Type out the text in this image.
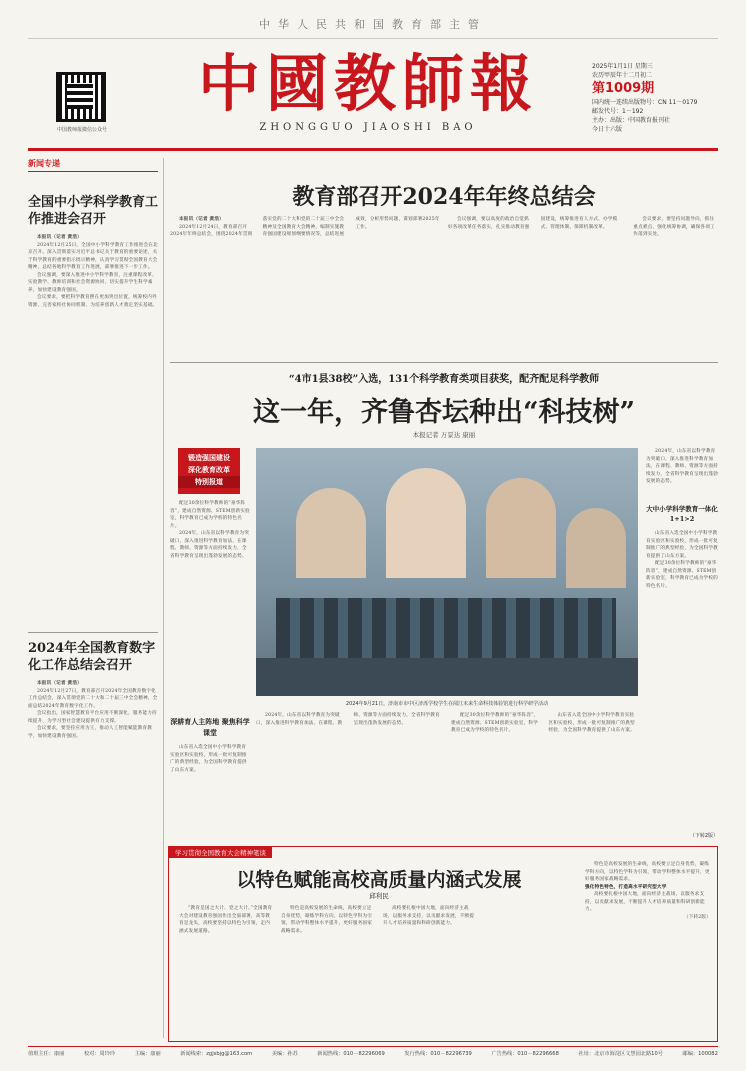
中华人民共和国教育部主管
中国教师报微信公众号
中國教師報
ZHONGGUO JIAOSHI BAO
2025年1月1日 星期三
农历甲辰年十二月初二
第1009期
国内统一连续出版物号：CN 11－0179
邮发代号：1－192
主办：出版：中国教育报刊社
今日十六版
新闻专递
全国中小学科学教育工作推进会召开

本报讯（记者 黄浩）

2024年12月25日，全国中小学科学教育工作推进会在北京召开。深入贯彻落实习近平总书记关于教育的重要论述，关于科学教育的重要指示批示精神，认真学习贯彻全国教育大会精神，总结各地科学教育工作进展，部署推进下一步工作。

会议强调，要深入推进中小学科学教育，注重课程改革、实验教学、教师培训和社会资源协同，切实提升学生科学素养，加快建设教育强国。

会议要求，要把科学教育摆在更加突出位置，统筹校内外资源，完善家校社协同机制，为培养创新人才奠定坚实基础。

2024年全国教育数字化工作总结会召开

本报讯（记者 黄浩）

2024年12月27日，教育部召开2024年全国教育数字化工作总结会，深入贯彻党的二十大和二十届三中全会精神，全面总结2024年教育数字化工作。

会议指出，国家智慧教育平台应用不断深化，服务能力持续提升，为学习型社会建设提供有力支撑。

会议要求，要坚持应用为王，推动人工智能赋能教育教学，加快建设教育强国。

教育部召开2024年年终总结会

本报讯（记者 黄浩）

2024年12月24日，教育部召开2024年年终总结会，围绕2024年贯彻落实党的二十大和党的二十届三中全会精神及全国教育大会精神，编制实施教育强国建设规划纲要情况等，总结进展成效，分析形势问题，谋划部署2025年工作。

会议强调，要以高度的政治自觉抓好各项改革任务落实，扎实推动教育强国建设，统筹推进育人方式、办学模式、管理体制、保障机制改革。

会议要求，要坚持问题导向，抓住重点难点，强化统筹协调，确保各项工作落到实处。

“4市1县38校”入选，131个科学教育类项目获奖，配齐配足科学教师
这一年，齐鲁杏坛种出“科技树”
本报记者 万景达 康丽
锻造强国建设
深化教育改革
特别报道

配足30余位科学教师的“豪华阵容”，建成自然资源、STEM创新实验室，科学教育已成为学校的特色名片。

2024年，山东省以科学教育为突破口，深入推进科学教育加法，在课程、教师、资源等方面持续发力，全省科学教育呈现出蓬勃发展的态势。

深耕育人主阵地 聚焦科学课堂

山东省入选全国中小学科学教育实验区和实验校，形成一批可复制推广的典型经验，为全国科学教育提供了山东方案。

2024年9月21日，济南市市中区济泺学校学生在阅江未来生命科技体验馆进行科学研学活动

2024年，山东省以科学教育为突破口，深入推进科学教育加法，在课程、教师、资源等方面持续发力，全省科学教育呈现出蓬勃发展的态势。

大中小学科学教育一体化 1+1>2

山东省入选全国中小学科学教育实验区和实验校，形成一批可复制推广的典型经验，为全国科学教育提供了山东方案。

配足30余位科学教师的“豪华阵容”，建成自然资源、STEM创新实验室，科学教育已成为学校的特色名片。

（下转2版）

2024年，山东省以科学教育为突破口，深入推进科学教育加法，在课程、教师、资源等方面持续发力，全省科学教育呈现出蓬勃发展的态势。

配足30余位科学教师的“豪华阵容”，建成自然资源、STEM创新实验室，科学教育已成为学校的特色名片。

山东省入选全国中小学科学教育实验区和实验校，形成一批可复制推广的典型经验，为全国科学教育提供了山东方案。

学习贯彻全国教育大会精神笔谈
以特色赋能高校高质量内涵式发展
邱利民

“教育是国之大计、党之大计。”全国教育大会对建设教育强国作出全面部署，高等教育是龙头，高校要坚持以特色为引领，走内涵式发展道路。

特色是高校发展的生命线，高校要立足自身优势，凝练学科方向，以特色学科为引领，带动学科整体水平提升，更好服务国家战略需求。

高校要扎根中国大地，面向经济主战场，以服务求支持，以贡献求发展，不断提升人才培养质量和科研创新能力。

特色是高校发展的生命线，高校要立足自身优势，凝练学科方向，以特色学科为引领，带动学科整体水平提升，更好服务国家战略需求。

强化特色特色，打造高水平研究型大学

高校要扎根中国大地，面向经济主战场，以服务求支持，以贡献求发展，不断提升人才培养质量和科研创新能力。

（下转2版）

值班主任：康丽	校对：周玲玲	主编：康丽	新闻线索：zgjsbjg@163.com	美编：孙苏	新闻热线：010－82296069	发行热线：010－82296739	广告热线：010－82296668	社址：北京市海淀区文慧园北路10号	邮编：100082
